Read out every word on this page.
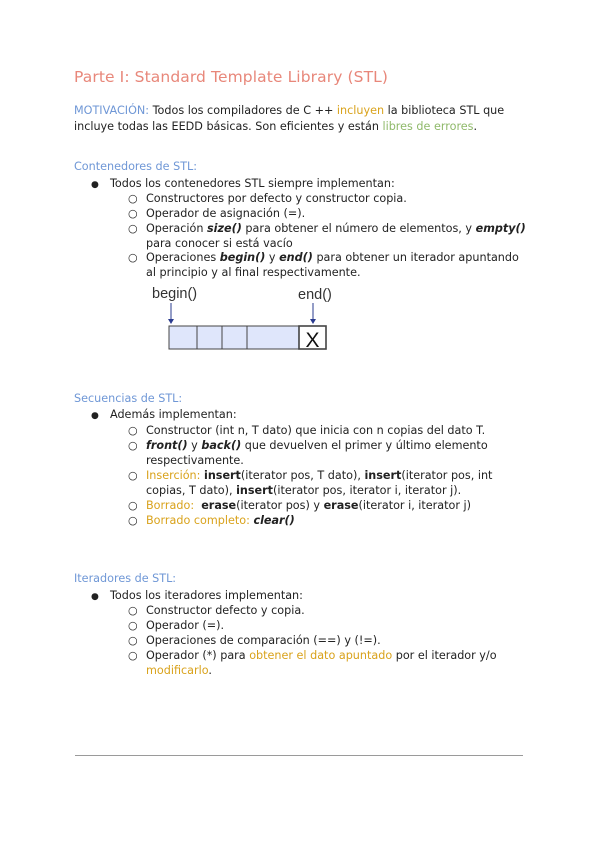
Parte I: Standard Template Library (STL)
MOTIVACIÓN: Todos los compiladores de C ++ incluyen la biblioteca STL que
incluye todas las EEDD básicas. Son eficientes y están libres de errores.
Contenedores de STL:
● Todos los contenedores STL siempre implementan:
○ Constructores por defecto y constructor copia.
○ Operador de asignación (=).
○ Operación size() para obtener el número de elementos, y empty()
para conocer si está vacío
○ Operaciones begin() y end() para obtener un iterador apuntando
al principio y al final respectivamente.
begin()	end()
X
Secuencias de STL:
● Además implementan:
○ Constructor (int n, T dato) que inicia con n copias del dato T.
○ front() y back() que devuelven el primer y último elemento
respectivamente.
○ Inserción: insert(iterator pos, T dato), insert(iterator pos, int
copias, T dato), insert(iterator pos, iterator i, iterator j).
○ Borrado: erase(iterator pos) y erase(iterator i, iterator j)
○ Borrado completo: clear()
Iteradores de STL:
● Todos los iteradores implementan:
○ Constructor defecto y copia.
○ Operador (=).
○ Operaciones de comparación (==) y (!=).
○ Operador (*) para obtener el dato apuntado por el iterador y/o
modificarlo.
